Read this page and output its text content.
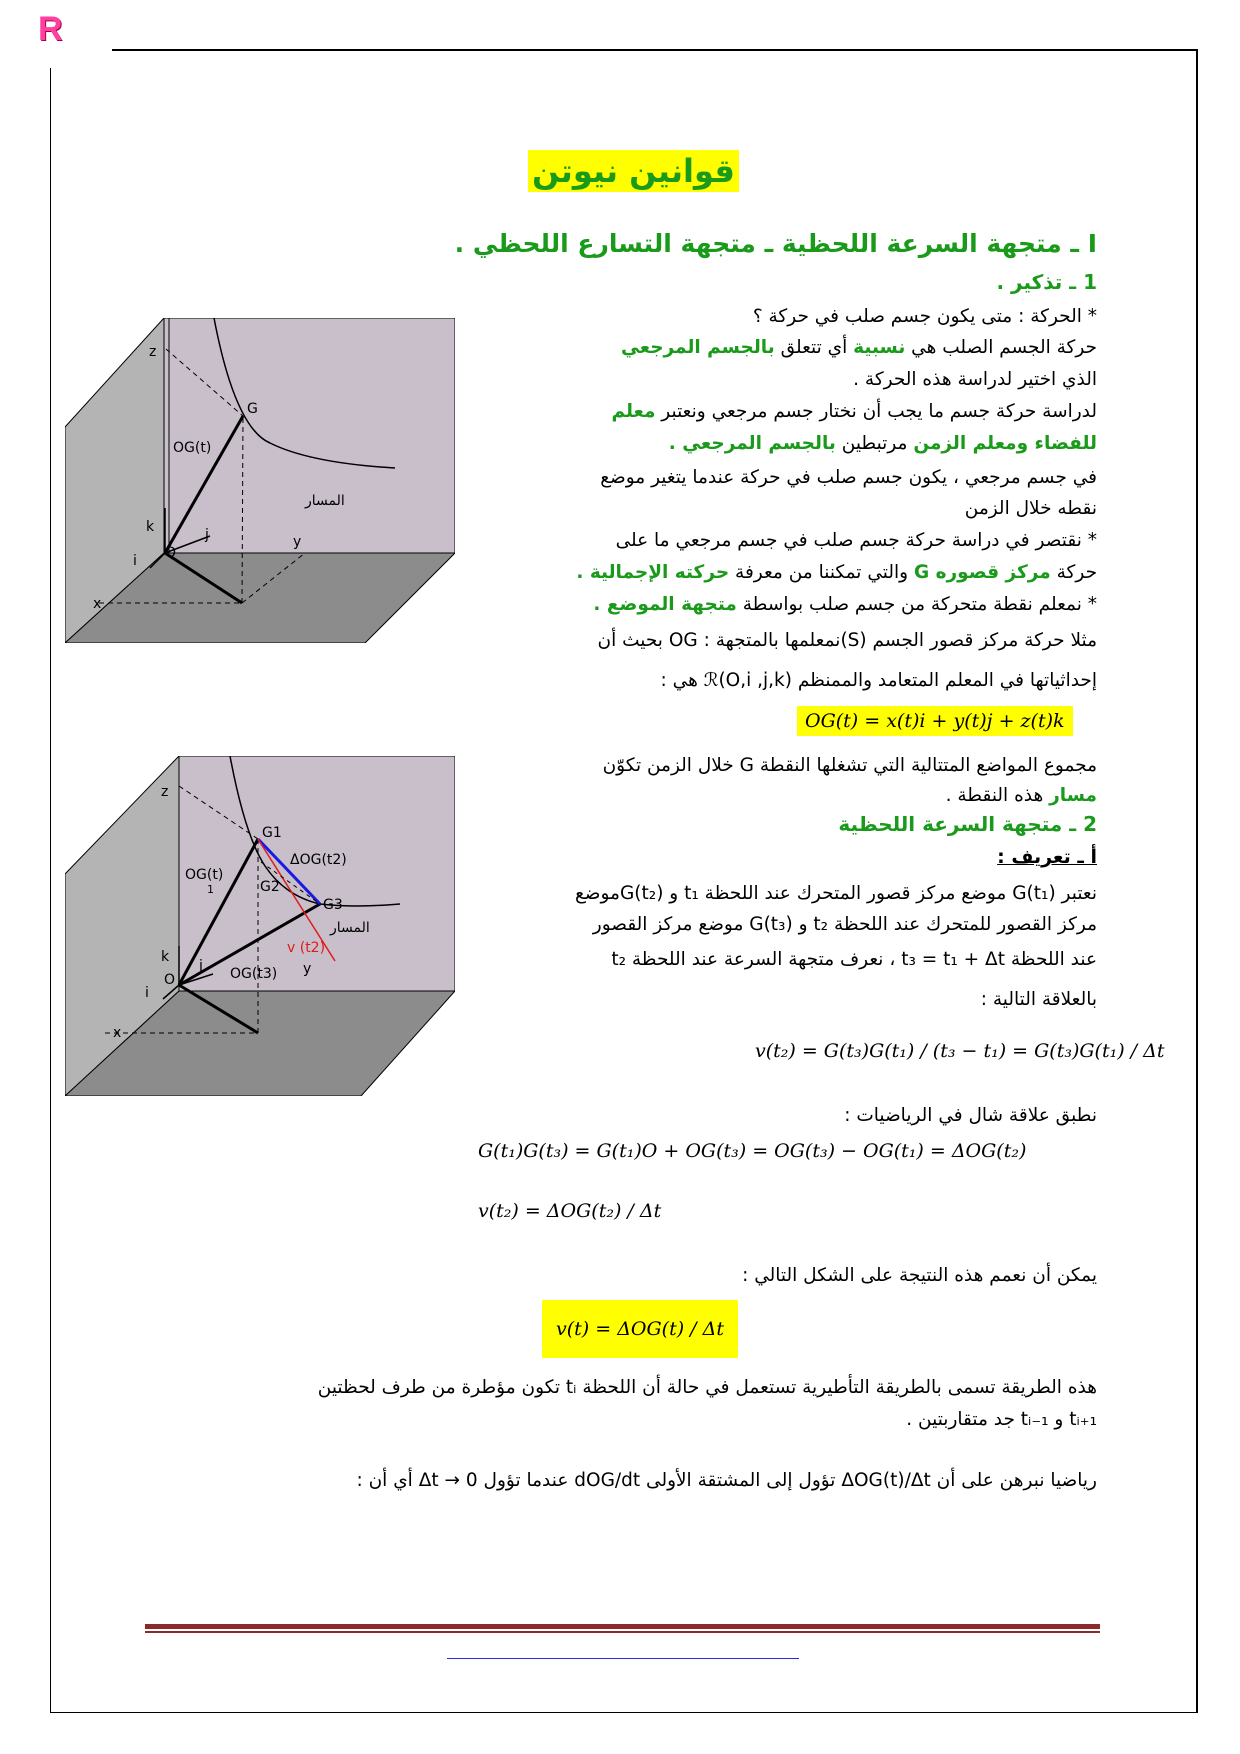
R
قوانين نيوتن
I ـ متجهة السرعة اللحظية ـ متجهة التسارع اللحظي .
1 ـ تذكير .
* الحركة : متى يكون جسم صلب في حركة ؟
حركة الجسم الصلب هي نسبية أي تتعلق بالجسم المرجعي
الذي اختير لدراسة هذه الحركة .
لدراسة حركة جسم ما يجب أن نختار جسم مرجعي ونعتبر معلم
للفضاء ومعلم الزمن مرتبطين بالجسم المرجعي .
في جسم مرجعي ، يكون جسم صلب في حركة عندما يتغير موضع
نقطه خلال الزمن
* نقتصر في دراسة حركة جسم صلب في جسم مرجعي ما على
حركة مركز قصوره G والتي تمكننا من معرفة حركته الإجمالية .
* نمعلم نقطة متحركة من جسم صلب بواسطة متجهة الموضع .
مثلا حركة مركز قصور الجسم (S)نمعلمها بالمتجهة : OG بحيث أن
إحداثياتها في المعلم المتعامد والممنظم ℛ(O,i ,j,k) هي :
OG(t) = x(t)i + y(t)j + z(t)k
مجموع المواضع المتتالية التي تشغلها النقطة G خلال الزمن تكوّن
مسار هذه النقطة .
2 ـ متجهة السرعة اللحظية
أ ـ تعريف :
نعتبر G(t₁) موضع مركز قصور المتحرك عند اللحظة t₁ و G(t₂)موضع
مركز القصور للمتحرك عند اللحظة t₂ و G(t₃) موضع مركز القصور
عند اللحظة t₃ = t₁ + Δt ، نعرف متجهة السرعة عند اللحظة t₂
بالعلاقة التالية :
v(t₂) = G(t₃)G(t₁) / (t₃ − t₁) = G(t₃)G(t₁) / Δt
نطبق علاقة شال في الرياضيات :
G(t₁)G(t₃) = G(t₁)O + OG(t₃) = OG(t₃) − OG(t₁) = ΔOG(t₂)
v(t₂) = ΔOG(t₂) / Δt
يمكن أن نعمم هذه النتيجة على الشكل التالي :
v(t) = ΔOG(t) / Δt
هذه الطريقة تسمى بالطريقة التأطيرية تستعمل في حالة أن اللحظة tᵢ تكون مؤطرة من طرف لحظتين
tᵢ₊₁ و tᵢ₋₁ جد متقاربتين .
رياضيا نبرهن على أن ΔOG(t)/Δt تؤول إلى المشتقة الأولى dOG/dt عندما تؤول Δt → 0 أي أن :
z
y
x
O
G
i
j
k
OG(t)
المسار
z
y
x
O
i
j
k
G1
G2
G3
OG(t)
1
OG(t3)
ΔOG(t2)
v (t2)
المسار
